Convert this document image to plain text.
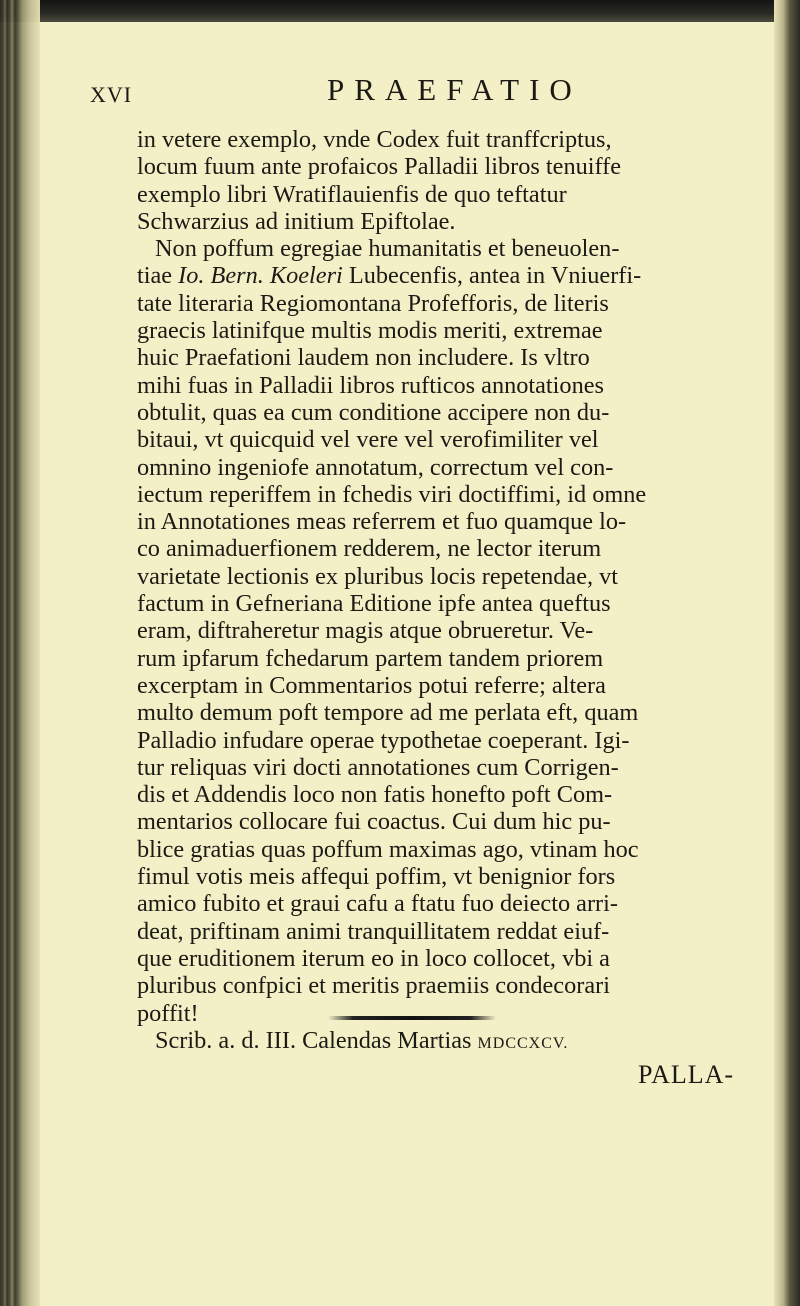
XVI	PRAEFATIO
in vetere exemplo, vnde Codex fuit tranffcriptus,
locum fuum ante profaicos Palladii libros tenuiffe
exemplo libri Wratiflauienfis de quo teftatur
Schwarzius ad initium Epiftolae.
Non poffum egregiae humanitatis et beneuolen-
tiae Io. Bern. Koeleri Lubecenfis, antea in Vniuerfi-
tate literaria Regiomontana Profefforis, de literis
graecis latinifque multis modis meriti, extremae
huic Praefationi laudem non includere. Is vltro
mihi fuas in Palladii libros rufticos annotationes
obtulit, quas ea cum conditione accipere non du-
bitaui, vt quicquid vel vere vel verofimiliter vel
omnino ingeniofe annotatum, correctum vel con-
iectum reperiffem in fchedis viri doctiffimi, id omne
in Annotationes meas referrem et fuo quamque lo-
co animaduerfionem redderem, ne lector iterum
varietate lectionis ex pluribus locis repetendae, vt
factum in Gefneriana Editione ipfe antea queftus
eram, diftraheretur magis atque obrueretur. Ve-
rum ipfarum fchedarum partem tandem priorem
excerptam in Commentarios potui referre; altera
multo demum poft tempore ad me perlata eft, quam
Palladio infudare operae typothetae coeperant. Igi-
tur reliquas viri docti annotationes cum Corrigen-
dis et Addendis loco non fatis honefto poft Com-
mentarios collocare fui coactus. Cui dum hic pu-
blice gratias quas poffum maximas ago, vtinam hoc
fimul votis meis affequi poffim, vt benignior fors
amico fubito et graui cafu a ftatu fuo deiecto arri-
deat, priftinam animi tranquillitatem reddat eiuf-
que eruditionem iterum eo in loco collocet, vbi a
pluribus confpici et meritis praemiis condecorari
poffit!
Scrib. a. d. III. Calendas Martias MDCCXCV.
PALLA-
